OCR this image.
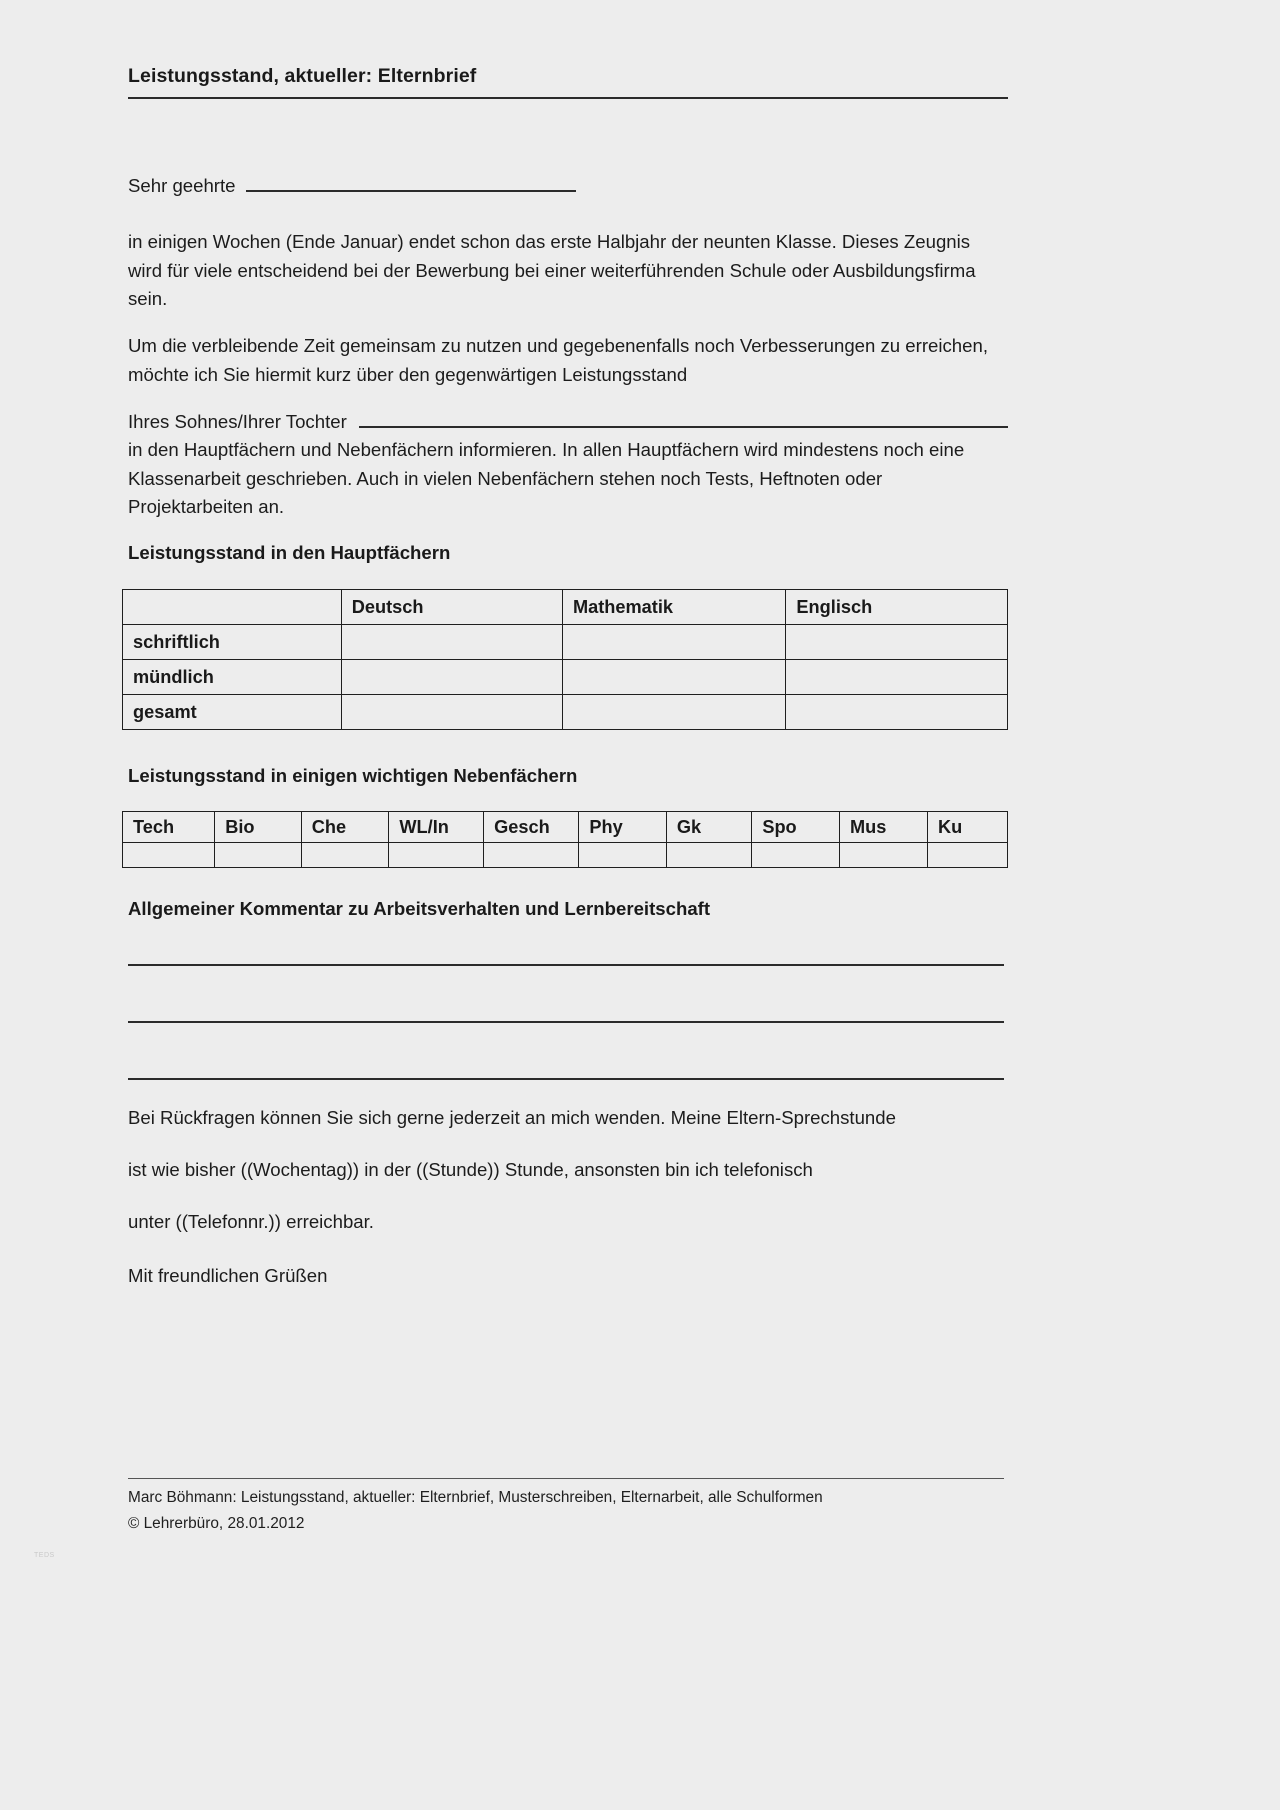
Leistungsstand, aktueller: Elternbrief
Sehr geehrte
in einigen Wochen (Ende Januar) endet schon das erste Halbjahr der neunten Klasse. Dieses Zeugnis wird für viele entscheidend bei der Bewerbung bei einer weiterführenden Schule oder Ausbildungsfirma sein.
Um die verbleibende Zeit gemeinsam zu nutzen und gegebenenfalls noch Verbesserungen zu erreichen, möchte ich Sie hiermit kurz über den gegenwärtigen Leistungsstand
Ihres Sohnes/Ihrer Tochter
in den Hauptfächern und Nebenfächern informieren. In allen Hauptfächern wird mindestens noch eine Klassenarbeit geschrieben. Auch in vielen Nebenfächern stehen noch Tests, Heftnoten oder Projektarbeiten an.
Leistungsstand in den Hauptfächern
	Deutsch	Mathematik	Englisch
schriftlich			
mündlich			
gesamt			
Leistungsstand in einigen wichtigen Nebenfächern
Tech	Bio	Che	WL/In	Gesch	Phy	Gk	Spo	Mus	Ku

Allgemeiner Kommentar zu Arbeitsverhalten und Lernbereitschaft
Bei Rückfragen können Sie sich gerne jederzeit an mich wenden. Meine Eltern-Sprechstunde
ist wie bisher ((Wochentag)) in der ((Stunde)) Stunde, ansonsten bin ich telefonisch
unter ((Telefonnr.)) erreichbar.
Mit freundlichen Grüßen
Marc Böhmann: Leistungsstand, aktueller: Elternbrief, Musterschreiben, Elternarbeit, alle Schulformen
© Lehrerbüro, 28.01.2012
TEDS
